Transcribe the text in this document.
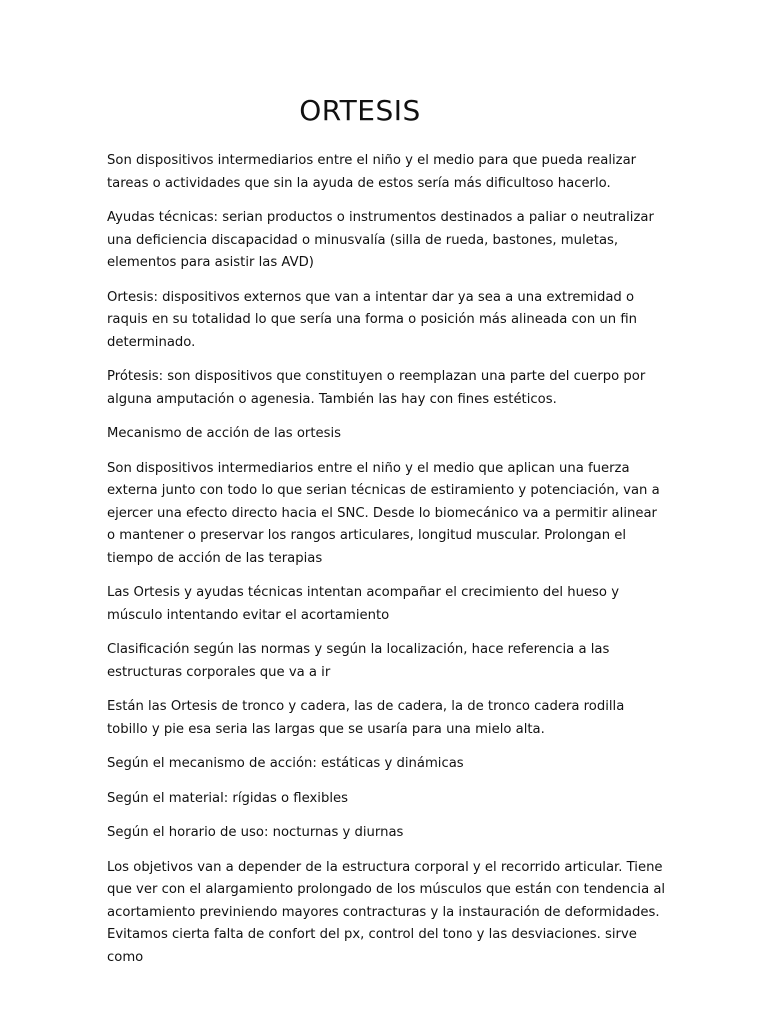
ORTESIS

Son dispositivos intermediarios entre el niño y el medio para que pueda realizar tareas o actividades que sin la ayuda de estos sería más dificultoso hacerlo.

Ayudas técnicas: serian productos o instrumentos destinados a paliar o neutralizar una deficiencia discapacidad o minusvalía (silla de rueda, bastones, muletas, elementos para asistir las AVD)

Ortesis: dispositivos externos que van a intentar dar ya sea a una extremidad o raquis en su totalidad lo que sería una forma o posición más alineada con un fin determinado.

Prótesis: son dispositivos que constituyen o reemplazan una parte del cuerpo por alguna amputación o agenesia. También las hay con fines estéticos.

Mecanismo de acción de las ortesis

Son dispositivos intermediarios entre el niño y el medio que aplican una fuerza externa junto con todo lo que serian técnicas de estiramiento y potenciación, van a ejercer una efecto directo hacia el SNC. Desde lo biomecánico va a permitir alinear o mantener o preservar los rangos articulares, longitud muscular. Prolongan el tiempo de acción de las terapias

Las Ortesis y ayudas técnicas intentan acompañar el crecimiento del hueso y músculo intentando evitar el acortamiento

Clasificación según las normas y según la localización, hace referencia a las estructuras corporales que va a ir

Están las Ortesis de tronco y cadera, las de cadera, la de tronco cadera rodilla tobillo y pie esa seria las largas que se usaría para una mielo alta.

Según el mecanismo de acción: estáticas y dinámicas

Según el material: rígidas o flexibles

Según el horario de uso: nocturnas y diurnas

Los objetivos van a depender de la estructura corporal y el recorrido articular. Tiene que ver con el alargamiento prolongado de los músculos que están con tendencia al acortamiento previniendo mayores contracturas y la instauración de deformidades. Evitamos cierta falta de confort del px, control del tono y las desviaciones. sirve como
